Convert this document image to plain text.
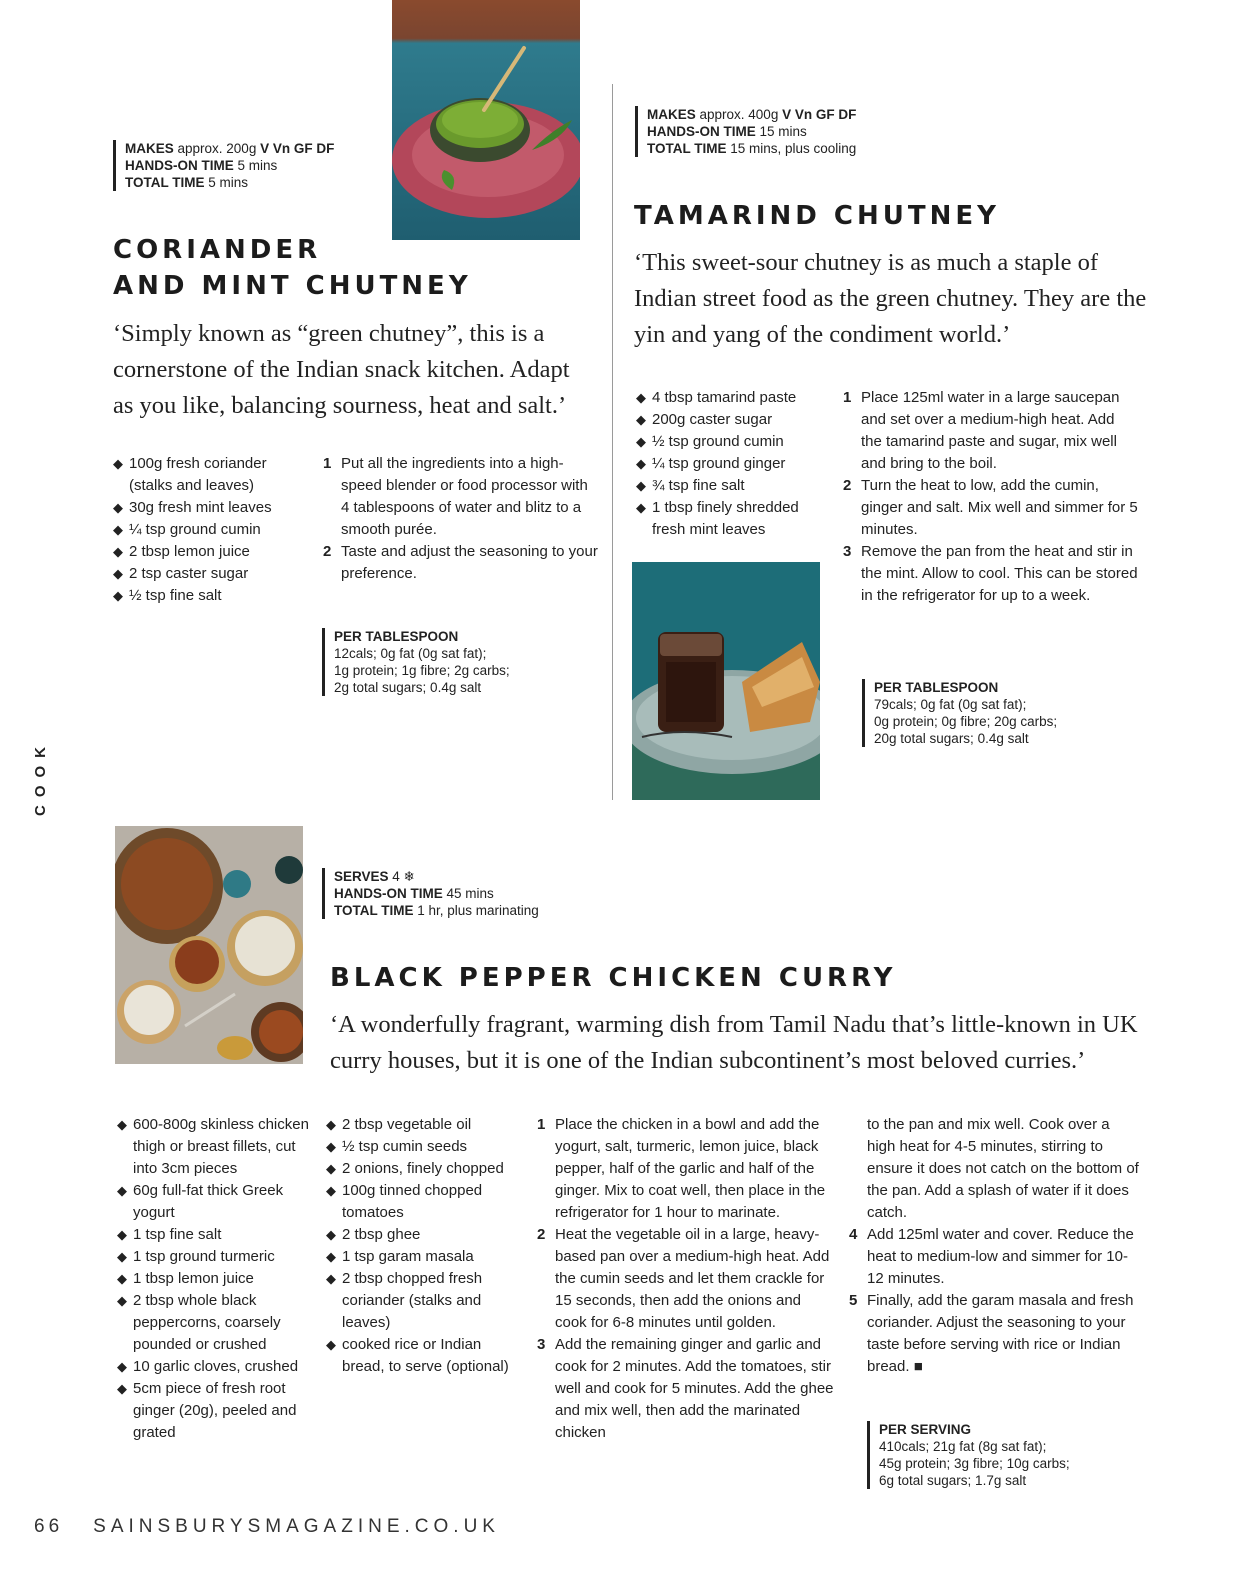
MAKES approx. 200g V Vn GF DF
HANDS-ON TIME 5 mins
TOTAL TIME 5 mins
CORIANDER
AND MINT CHUTNEY
‘Simply known as “green chutney”, this is a cornerstone of the Indian snack kitchen. Adapt as you like, balancing sourness, heat and salt.’
◆ 100g fresh coriander (stalks and leaves)
◆ 30g fresh mint leaves
◆ ¼ tsp ground cumin
◆ 2 tbsp lemon juice
◆ 2 tsp caster sugar
◆ ½ tsp fine salt
1 Put all the ingredients into a high-speed blender or food processor with 4 tablespoons of water and blitz to a smooth purée.
2 Taste and adjust the seasoning to your preference.
PER TABLESPOON
12cals; 0g fat (0g sat fat);
1g protein; 1g fibre; 2g carbs;
2g total sugars; 0.4g salt
MAKES approx. 400g V Vn GF DF
HANDS-ON TIME 15 mins
TOTAL TIME 15 mins, plus cooling
TAMARIND CHUTNEY
‘This sweet-sour chutney is as much a staple of Indian street food as the green chutney. They are the yin and yang of the condiment world.’
◆ 4 tbsp tamarind paste
◆ 200g caster sugar
◆ ½ tsp ground cumin
◆ ¼ tsp ground ginger
◆ ¾ tsp fine salt
◆ 1 tbsp finely shredded fresh mint leaves
1 Place 125ml water in a large saucepan and set over a medium-high heat. Add the tamarind paste and sugar, mix well and bring to the boil.
2 Turn the heat to low, add the cumin, ginger and salt. Mix well and simmer for 5 minutes.
3 Remove the pan from the heat and stir in the mint. Allow to cool. This can be stored in the refrigerator for up to a week.
PER TABLESPOON
79cals; 0g fat (0g sat fat);
0g protein; 0g fibre; 20g carbs;
20g total sugars; 0.4g salt
COOK
SERVES 4 ❄
HANDS-ON TIME 45 mins
TOTAL TIME 1 hr, plus marinating
BLACK PEPPER CHICKEN CURRY
‘A wonderfully fragrant, warming dish from Tamil Nadu that’s little-known in UK curry houses, but it is one of the Indian subcontinent’s most beloved curries.’
◆ 600-800g skinless chicken thigh or breast fillets, cut into 3cm pieces
◆ 60g full-fat thick Greek yogurt
◆ 1 tsp fine salt
◆ 1 tsp ground turmeric
◆ 1 tbsp lemon juice
◆ 2 tbsp whole black peppercorns, coarsely pounded or crushed
◆ 10 garlic cloves, crushed
◆ 5cm piece of fresh root ginger (20g), peeled and grated
◆ 2 tbsp vegetable oil
◆ ½ tsp cumin seeds
◆ 2 onions, finely chopped
◆ 100g tinned chopped tomatoes
◆ 2 tbsp ghee
◆ 1 tsp garam masala
◆ 2 tbsp chopped fresh coriander (stalks and leaves)
◆ cooked rice or Indian bread, to serve (optional)
1 Place the chicken in a bowl and add the yogurt, salt, turmeric, lemon juice, black pepper, half of the garlic and half of the ginger. Mix to coat well, then place in the refrigerator for 1 hour to marinate.
2 Heat the vegetable oil in a large, heavy-based pan over a medium-high heat. Add the cumin seeds and let them crackle for 15 seconds, then add the onions and cook for 6-8 minutes until golden.
3 Add the remaining ginger and garlic and cook for 2 minutes. Add the tomatoes, stir well and cook for 5 minutes. Add the ghee and mix well, then add the marinated chicken
to the pan and mix well. Cook over a high heat for 4-5 minutes, stirring to ensure it does not catch on the bottom of the pan. Add a splash of water if it does catch.
4 Add 125ml water and cover. Reduce the heat to medium-low and simmer for 10-12 minutes.
5 Finally, add the garam masala and fresh coriander. Adjust the seasoning to your taste before serving with rice or Indian bread. ■
PER SERVING
410cals; 21g fat (8g sat fat);
45g protein; 3g fibre; 10g carbs;
6g total sugars; 1.7g salt
66 SAINSBURYSMAGAZINE.CO.UK
